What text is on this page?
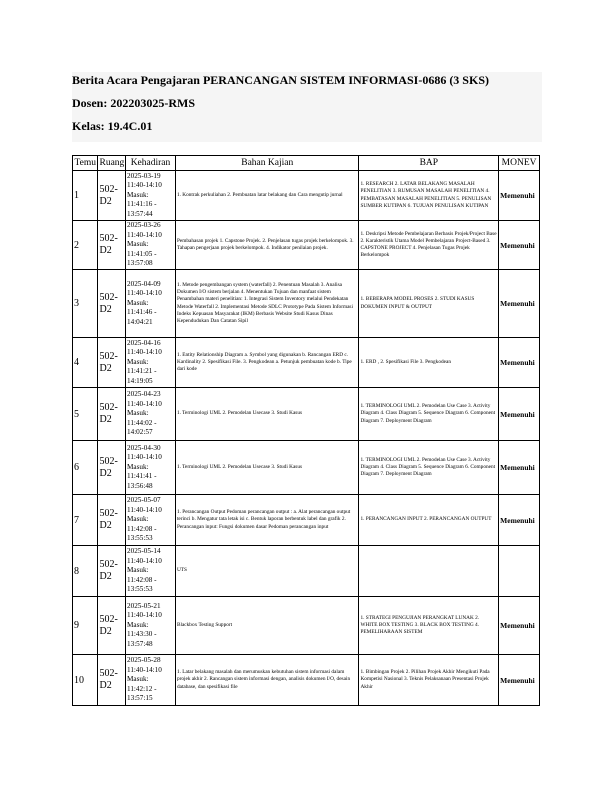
Berita Acara Pengajaran PERANCANGAN SISTEM INFORMASI-0686 (3 SKS)
Dosen: 202203025-RMS
Kelas: 19.4C.01
Temu	Ruang	Kehadiran	Bahan Kajian	BAP	MONEV
1	502-D2	2025-03-19 11:40-14:10 Masuk: 11:41:16 - 13:57:44	1. Kontrak perkuliahan 2. Pembuatan latar belakang dan Cara mengutip jurnal	1. RESEARCH 2. LATAR BELAKANG MASALAH PENELITIAN 3. RUMUSAN MASALAH PENELITIAN 4. PEMBATASAN MASALAH PENELITIAN 5. PENULISAN SUMBER KUTIPAN 6. TUJUAN PENULISAN KUTIPAN	Memenuhi
2	502-D2	2025-03-26 11:40-14:10 Masuk: 11:41:05 - 13:57:08	Pembahasan projek 1. Capstone Projek. 2. Penjelasan tugas projek berkelompok. 3. Tahapan pengerjaan projek berkelompok. 4. Indikator penilaian projek.	1. Deskripsi Metode Pembelajaran Berbasis Projek/Project Base 2. Karakteristik Utama Model Pembelajaran Project-Based 3. CAPSTONE PROJECT 4. Penjelasan Tugas Projek Berkelompok	Memenuhi
3	502-D2	2025-04-09 11:40-14:10 Masuk: 11:41:46 - 14:04:21	1. Metode pengembangan system (waterfall) 2. Penentuan Masalah 3. Analisa Dokumen I/O sistem berjalan 4. Menentukan Tujuan dan manfaat sistem Penambahan materi penelitian: 1. Integrasi Sistem Inventory melalui Pendekatan Metode Waterfall 2. Implementasi Metode SDLC Prototype Pada Sistem Informasi Indeks Kepuasan Masyarakat (IKM) Berbasis Website Studi Kasus Dinas Kependudukan Dan Catatan Sipil	1. BEBERAPA MODEL PROSES 2. STUDI KASUS DOKUMEN INPUT & OUTPUT	Memenuhi
4	502-D2	2025-04-16 11:40-14:10 Masuk: 11:41:21 - 14:19:05	1. Entity Relationship Diagram a. Symbol yang digunakan b. Rancangan ERD c. Kardinality 2. Spesifikasi File. 3. Pengkodean a. Petunjuk pembuatan kode b. Tipe dari kode	1. ERD , 2. Spesifikasi File 3. Pengkodean	Memenuhi
5	502-D2	2025-04-23 11:40-14:10 Masuk: 11:44:02 - 14:02:57	1. Terminologi UML 2. Pemodelan Usecase 3. Studi Kasus	1. TERMINOLOGI UML 2. Pemodelan Use Case 3. Activity Diagram 4. Class Diagram 5. Sequence Diagram 6. Component Diagram 7. Deployment Diagram	Memenuhi
6	502-D2	2025-04-30 11:40-14:10 Masuk: 11:41:41 - 13:56:48	1. Terminologi UML 2. Pemodelan Usecase 3. Studi Kasus	1. TERMINOLOGI UML 2. Pemodelan Use Case 3. Activity Diagram 4. Class Diagram 5. Sequence Diagram 6. Component Diagram 7. Deployment Diagram	Memenuhi
7	502-D2	2025-05-07 11:40-14:10 Masuk: 11:42:08 - 13:55:53	1. Perancangan Output Pedoman perancangan output : a. Alat perancangan output terinci b. Mengatur tata letak isi c. Bentuk laporan berbentuk label dan grafik 2. Perancangan input: Fungsi dokumen dasar Pedoman perancangan input	1. PERANCANGAN INPUT 2. PERANCANGAN OUTPUT	Memenuhi
8	502-D2	2025-05-14 11:40-14:10 Masuk: 11:42:08 - 13:55:53	UTS		
9	502-D2	2025-05-21 11:40-14:10 Masuk: 11:43:30 - 13:57:48	Blackbox Testing Support	1. STRATEGI PENGUJIAN PERANGKAT LUNAK 2. WHITE BOX TESTING 3. BLACK BOX TESTING 4. PEMELIHARAAN SISTEM	Memenuhi
10	502-D2	2025-05-28 11:40-14:10 Masuk: 11:42:12 - 13:57:15	1. Latar belakang masalah dan merumuskan kebutuhan sistem informasi dalam projek akhir 2. Rancangan sistem informasi dengan, analisis dokumen I/O, desain database, dan spesifikasi file	1. Bimbingan Projek 2. Pilihan Projek Akhir Mengikuti Pada Kompetisi Nasional 3. Teknis Pelaksanaan Presentasi Projek Akhir	Memenuhi
